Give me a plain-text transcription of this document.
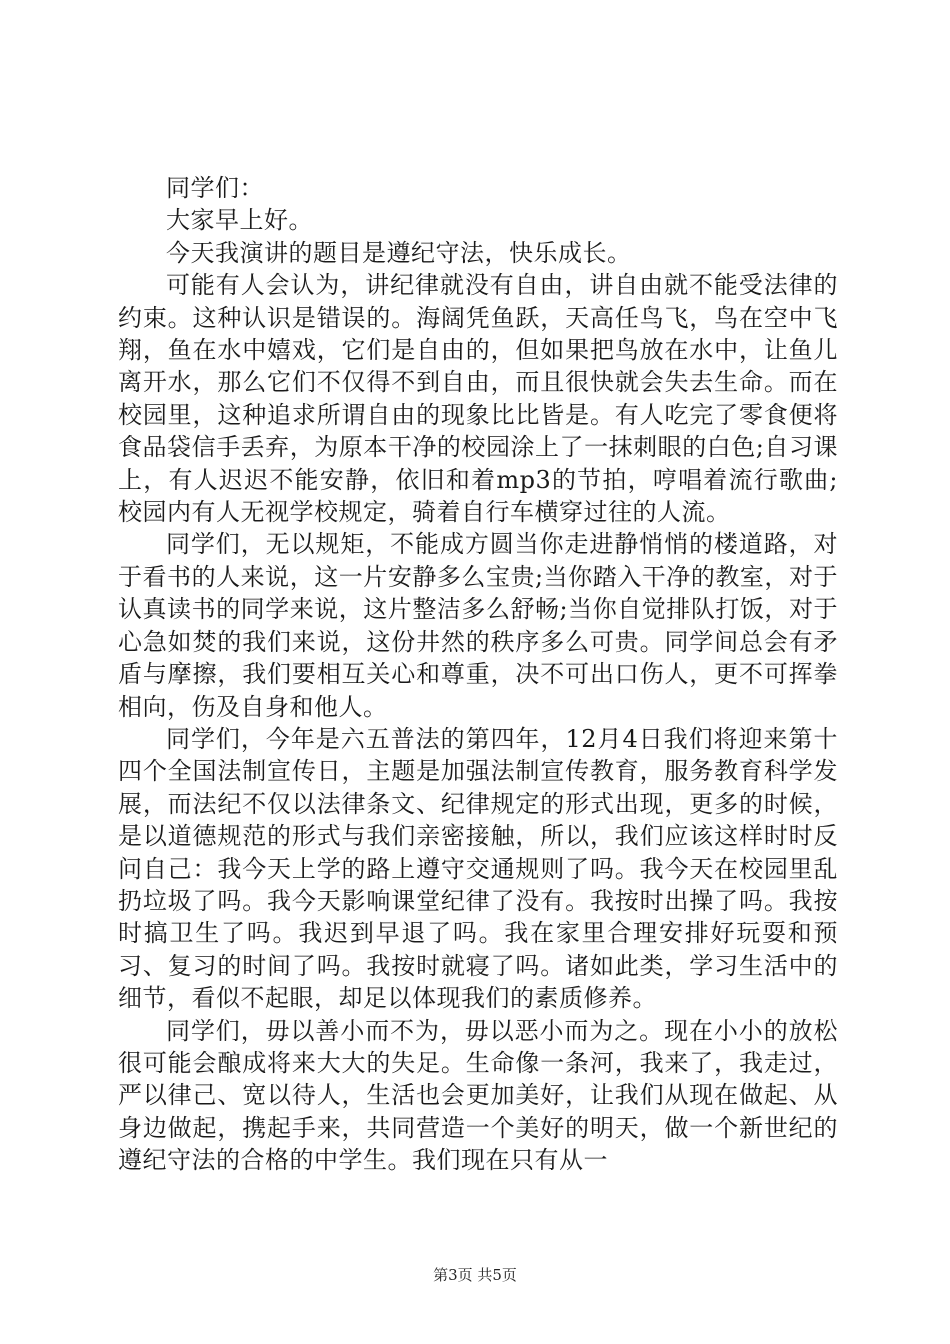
同学们：

大家早上好。

今天我演讲的题目是遵纪守法，快乐成长。

可能有人会认为，讲纪律就没有自由，讲自由就不能受法律的约束。这种认识是错误的。海阔凭鱼跃，天高任鸟飞，鸟在空中飞翔，鱼在水中嬉戏，它们是自由的，但如果把鸟放在水中，让鱼儿离开水，那么它们不仅得不到自由，而且很快就会失去生命。而在校园里，这种追求所谓自由的现象比比皆是。有人吃完了零食便将食品袋信手丢弃，为原本干净的校园涂上了一抹刺眼的白色;自习课上，有人迟迟不能安静，依旧和着mp3的节拍，哼唱着流行歌曲;校园内有人无视学校规定，骑着自行车横穿过往的人流。

同学们，无以规矩，不能成方圆当你走进静悄悄的楼道路，对于看书的人来说，这一片安静多么宝贵;当你踏入干净的教室，对于认真读书的同学来说，这片整洁多么舒畅;当你自觉排队打饭，对于心急如焚的我们来说，这份井然的秩序多么可贵。同学间总会有矛盾与摩擦，我们要相互关心和尊重，决不可出口伤人，更不可挥拳相向，伤及自身和他人。

同学们，今年是六五普法的第四年，12月4日我们将迎来第十四个全国法制宣传日，主题是加强法制宣传教育，服务教育科学发展，而法纪不仅以法律条文、纪律规定的形式出现，更多的时候，是以道德规范的形式与我们亲密接触，所以，我们应该这样时时反问自己：我今天上学的路上遵守交通规则了吗。我今天在校园里乱扔垃圾了吗。我今天影响课堂纪律了没有。我按时出操了吗。我按时搞卫生了吗。我迟到早退了吗。我在家里合理安排好玩耍和预习、复习的时间了吗。我按时就寝了吗。诸如此类，学习生活中的细节，看似不起眼，却足以体现我们的素质修养。

同学们，毋以善小而不为，毋以恶小而为之。现在小小的放松很可能会酿成将来大大的失足。生命像一条河，我来了，我走过，严以律己、宽以待人，生活也会更加美好，让我们从现在做起、从身边做起，携起手来，共同营造一个美好的明天，做一个新世纪的遵纪守法的合格的中学生。我们现在只有从一

第3页 共5页
